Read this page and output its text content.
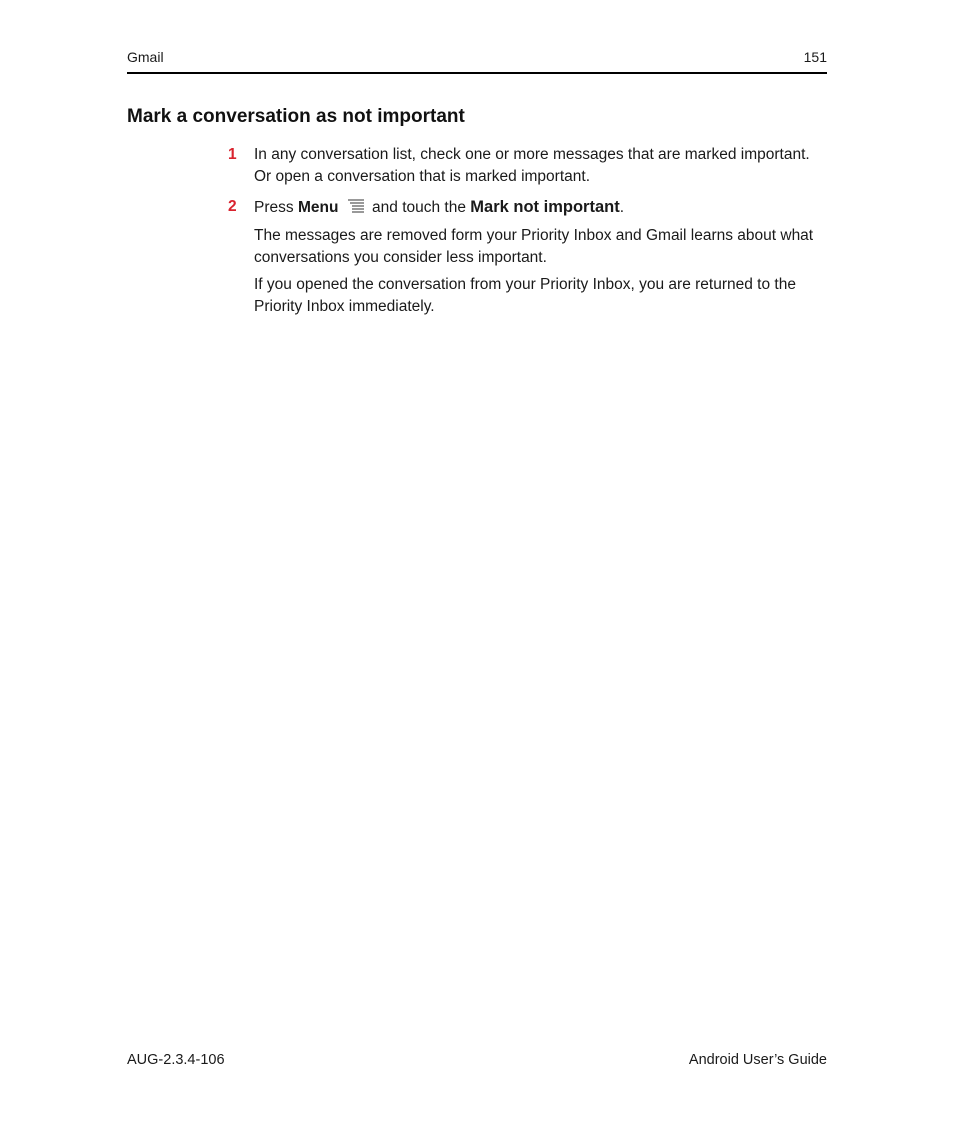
Gmail	151
Mark a conversation as not important
1	In any conversation list, check one or more messages that are marked important.
Or open a conversation that is marked important.
2	Press Menu and touch the Mark not important.
The messages are removed form your Priority Inbox and Gmail learns about what
conversations you consider less important.
If you opened the conversation from your Priority Inbox, you are returned to the
Priority Inbox immediately.
AUG-2.3.4-106	Android User’s Guide
